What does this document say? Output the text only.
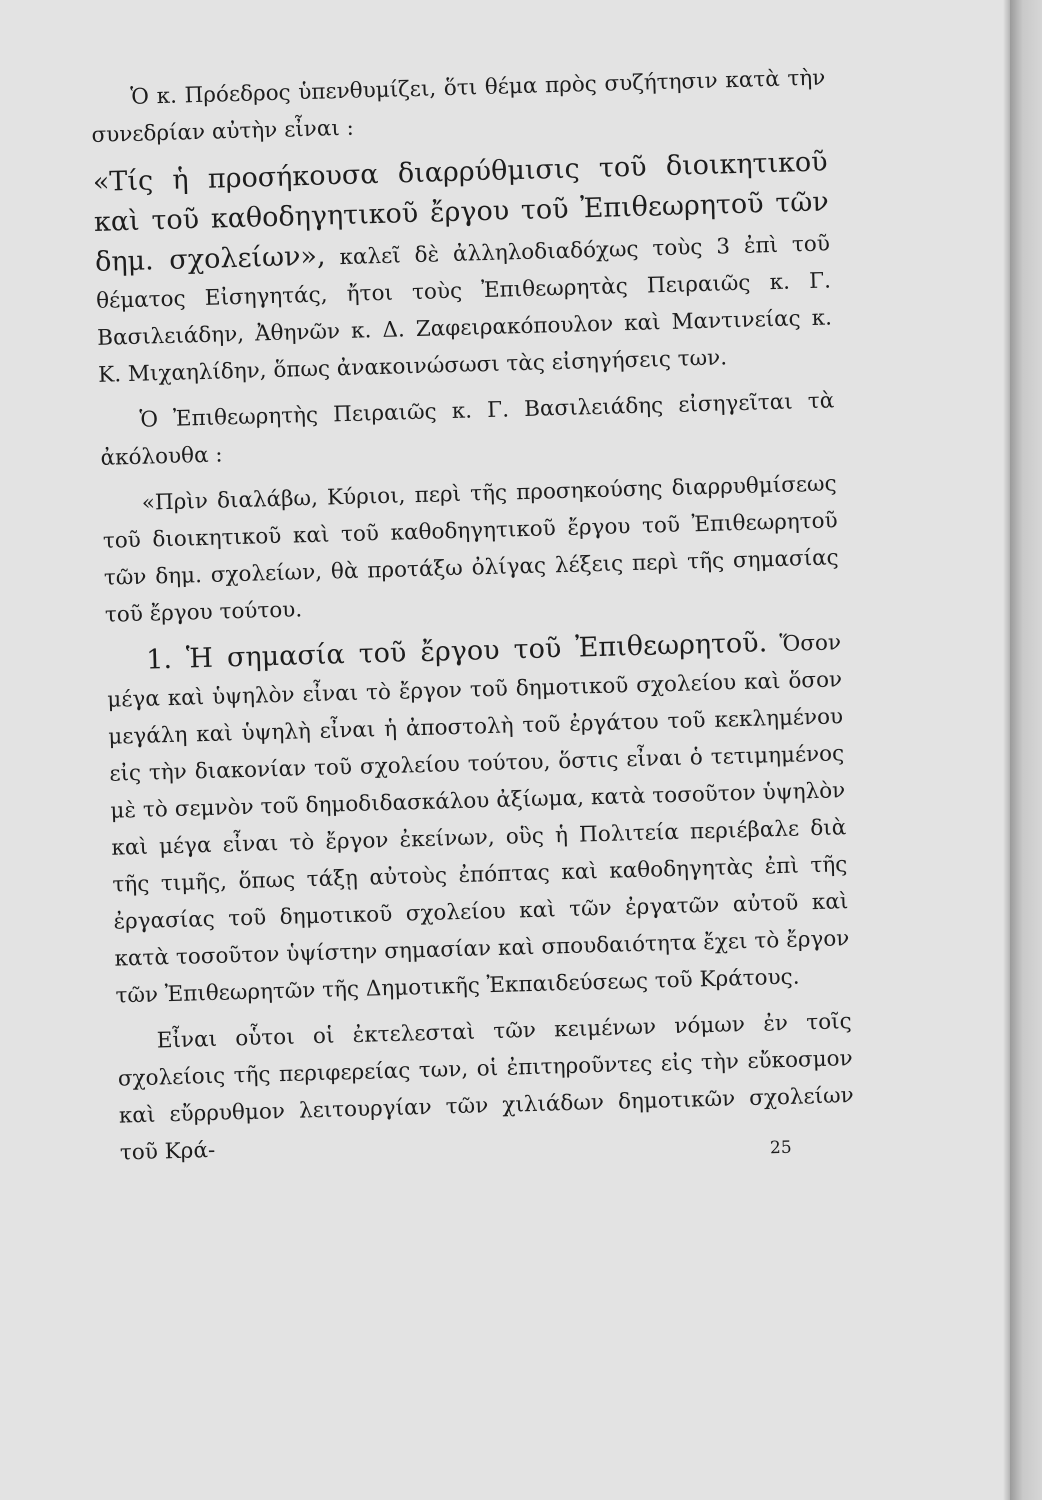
Ὁ κ. Πρόεδρος ὑπενθυμίζει, ὅτι θέμα πρὸς συζήτησιν κατὰ τὴν συνεδρίαν αὐτὴν εἶναι :

«Τίς ἡ προσήκουσα διαρρύθμισις τοῦ διοικητικοῦ καὶ τοῦ καθοδηγητικοῦ ἔργου τοῦ Ἐπιθεωρητοῦ τῶν δημ. σχολείων», καλεῖ δὲ ἀλληλοδιαδόχως τοὺς 3 ἐπὶ τοῦ θέματος Εἰσηγητάς, ἤτοι τοὺς Ἐπιθεωρητὰς Πειραιῶς κ. Γ. Βασιλειάδην, Ἀθηνῶν κ. Δ. Ζαφειρακόπουλον καὶ Μαντινείας κ. Κ. Μιχαηλίδην, ὅπως ἀνακοινώσωσι τὰς εἰσηγήσεις των.

Ὁ Ἐπιθεωρητὴς Πειραιῶς κ. Γ. Βασιλειάδης εἰσηγεῖται τὰ ἀκόλουθα :

«Πρὶν διαλάβω, Κύριοι, περὶ τῆς προσηκούσης διαρρυθμίσεως τοῦ διοικητικοῦ καὶ τοῦ καθοδηγητικοῦ ἔργου τοῦ Ἐπιθεωρητοῦ τῶν δημ. σχολείων, θὰ προτάξω ὀλίγας λέξεις περὶ τῆς σημασίας τοῦ ἔργου τούτου.

1. Ἡ σημασία τοῦ ἔργου τοῦ Ἐπιθεωρητοῦ. Ὅσον μέγα καὶ ὑψηλὸν εἶναι τὸ ἔργον τοῦ δημοτικοῦ σχολείου καὶ ὅσον μεγάλη καὶ ὑψηλὴ εἶναι ἡ ἀποστολὴ τοῦ ἐργάτου τοῦ κεκλημένου εἰς τὴν διακονίαν τοῦ σχολείου τούτου, ὅστις εἶναι ὁ τετιμημένος μὲ τὸ σεμνὸν τοῦ δημοδιδασκάλου ἀξίωμα, κατὰ τοσοῦτον ὑψηλὸν καὶ μέγα εἶναι τὸ ἔργον ἐκείνων, οὓς ἡ Πολιτεία περιέβαλε διὰ τῆς τιμῆς, ὅπως τάξῃ αὐτοὺς ἐπόπτας καὶ καθοδηγητὰς ἐπὶ τῆς ἐργασίας τοῦ δημοτικοῦ σχολείου καὶ τῶν ἐργατῶν αὐτοῦ καὶ κατὰ τοσοῦτον ὑψίστην σημασίαν καὶ σπουδαιότητα ἔχει τὸ ἔργον τῶν Ἐπιθεωρητῶν τῆς Δημοτικῆς Ἐκπαιδεύσεως τοῦ Κράτους.

Εἶναι οὗτοι οἱ ἐκτελεσταὶ τῶν κειμένων νόμων ἐν τοῖς σχολείοις τῆς περιφερείας των, οἱ ἐπιτηροῦντες εἰς τὴν εὔκοσμον καὶ εὔρρυθμον λειτουργίαν τῶν χιλιάδων δημοτικῶν σχολείων τοῦ Κρά-	25
